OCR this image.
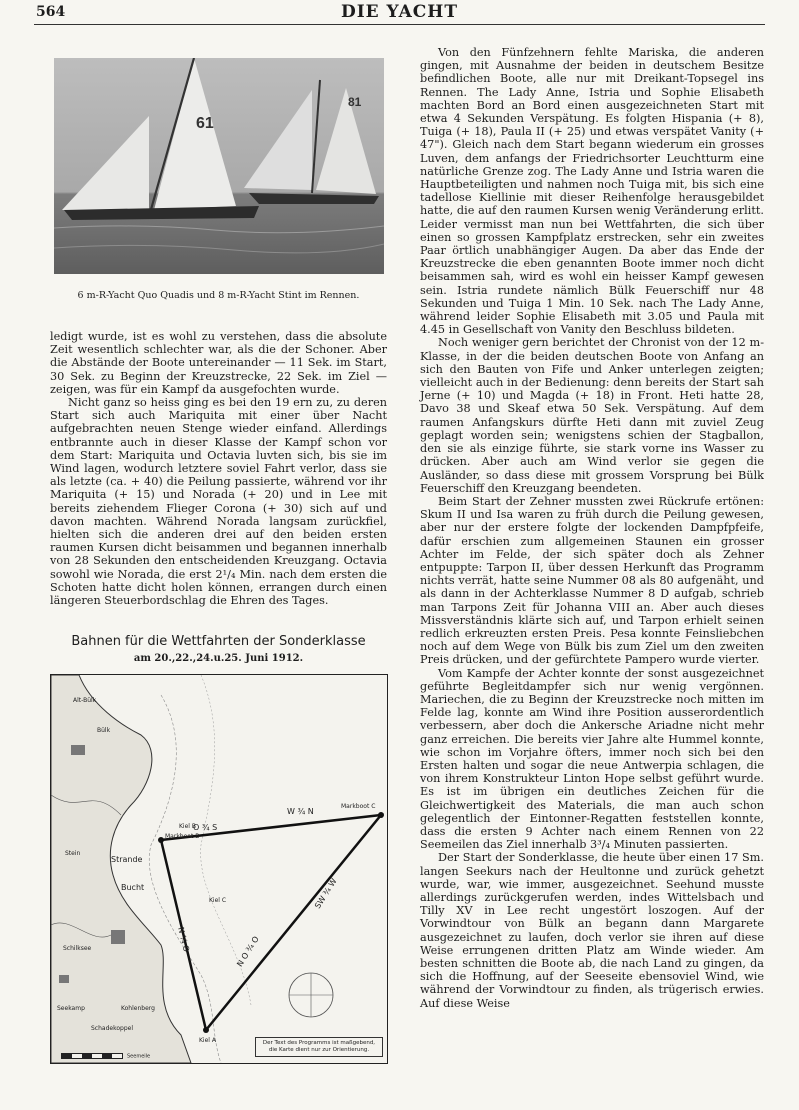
564	DIE YACHT
61
81
6 m-R-Yacht Quo Quadis und 8 m-R-Yacht Stint im Rennen.

ledigt wurde, ist es wohl zu verstehen, dass die absolute Zeit wesentlich schlechter war, als die der Schoner. Aber die Abstände der Boote untereinander — 11 Sek. im Start, 30 Sek. zu Beginn der Kreuzstrecke, 22 Sek. im Ziel — zeigen, was für ein Kampf da ausgefochten wurde.

Nicht ganz so heiss ging es bei den 19 ern zu, zu deren Start sich auch Mariquita mit einer über Nacht aufgebrachten neuen Stenge wieder einfand. Allerdings entbrannte auch in dieser Klasse der Kampf schon vor dem Start: Mariquita und Octavia luvten sich, bis sie im Wind lagen, wodurch letztere soviel Fahrt verlor, dass sie als letzte (ca. + 40) die Peilung passierte, während vor ihr Mariquita (+ 15) und Norada (+ 20) und in Lee mit bereits ziehendem Flieger Corona (+ 30) sich auf und davon machten. Während Norada langsam zurückfiel, hielten sich die anderen drei auf den beiden ersten raumen Kursen dicht beisammen und begannen innerhalb von 28 Sekunden den entscheidenden Kreuzgang. Octavia sowohl wie Norada, die erst 2¹/₄ Min. nach dem ersten die Schoten hatte dicht holen können, errangen durch einen längeren Steuerbordschlag die Ehren des Tages.

Bahnen für die Wettfahrten der Sonderklasse
am 20.,22.,24.u.25. Juni 1912.
Alt-Bülk
Bülk
Strande
Bucht
Stein
Schilksee
Seekamp	Kohlenberg
Schadekoppel
Markboot B
Markboot C
Kiel C
Kiel B
Kiel A
W ¾ N
SW ¾ W
N O ¾ O
N ¼ O
O ¾ S
Seemeile
Der Text des Programms ist maßgebend, die Karte dient nur zur Orientierung.

Von den Fünfzehnern fehlte Mariska, die anderen gingen, mit Ausnahme der beiden in deutschem Besitze befindlichen Boote, alle nur mit Dreikant-Topsegel ins Rennen. The Lady Anne, Istria und Sophie Elisabeth machten Bord an Bord einen ausgezeichneten Start mit etwa 4 Sekunden Verspätung. Es folgten Hispania (+ 8), Tuiga (+ 18), Paula II (+ 25) und etwas verspätet Vanity (+ 47"). Gleich nach dem Start begann wiederum ein grosses Luven, dem anfangs der Friedrichsorter Leuchtturm eine natürliche Grenze zog. The Lady Anne und Istria waren die Hauptbeteiligten und nahmen noch Tuiga mit, bis sich eine tadellose Kiellinie mit dieser Reihenfolge herausgebildet hatte, die auf den raumen Kursen wenig Veränderung erlitt. Leider vermisst man nun bei Wettfahrten, die sich über einen so grossen Kampfplatz erstrecken, sehr ein zweites Paar örtlich unabhängiger Augen. Da aber das Ende der Kreuzstrecke die eben genannten Boote immer noch dicht beisammen sah, wird es wohl ein heisser Kampf gewesen sein. Istria rundete nämlich Bülk Feuerschiff nur 48 Sekunden und Tuiga 1 Min. 10 Sek. nach The Lady Anne, während leider Sophie Elisabeth mit 3.05 und Paula mit 4.45 in Gesellschaft von Vanity den Beschluss bildeten.

Noch weniger gern berichtet der Chronist von der 12 m-Klasse, in der die beiden deutschen Boote von Anfang an sich den Bauten von Fife und Anker unterlegen zeigten; vielleicht auch in der Bedienung: denn bereits der Start sah Jerne (+ 10) und Magda (+ 18) in Front. Heti hatte 28, Davo 38 und Skeaf etwa 50 Sek. Verspätung. Auf dem raumen Anfangskurs dürfte Heti dann mit zuviel Zeug geplagt worden sein; wenigstens schien der Stagballon, den sie als einzige führte, sie stark vorne ins Wasser zu drücken. Aber auch am Wind verlor sie gegen die Ausländer, so dass diese mit grossem Vorsprung bei Bülk Feuerschiff den Kreuzgang beendeten.

Beim Start der Zehner mussten zwei Rückrufe ertönen: Skum II und Isa waren zu früh durch die Peilung gewesen, aber nur der erstere folgte der lockenden Dampfpfeife, dafür erschien zum allgemeinen Staunen ein grosser Achter im Felde, der sich später doch als Zehner entpuppte: Tarpon II, über dessen Herkunft das Programm nichts verrät, hatte seine Nummer 08 als 80 aufgenäht, und als dann in der Achterklasse Nummer 8 D aufgab, schrieb man Tarpons Zeit für Johanna VIII an. Aber auch dieses Missverständnis klärte sich auf, und Tarpon erhielt seinen redlich erkreuzten ersten Preis. Pesa konnte Feinsliebchen noch auf dem Wege von Bülk bis zum Ziel um den zweiten Preis drücken, und der gefürchtete Pampero wurde vierter.

Vom Kampfe der Achter konnte der sonst ausgezeichnet geführte Begleitdampfer sich nur wenig vergönnen. Mariechen, die zu Beginn der Kreuzstrecke noch mitten im Felde lag, konnte am Wind ihre Position ausserordentlich verbessern, aber doch die Ankersche Ariadne nicht mehr ganz erreichen. Die bereits vier Jahre alte Hummel konnte, wie schon im Vorjahre öfters, immer noch sich bei den Ersten halten und sogar die neue Antwerpia schlagen, die von ihrem Konstrukteur Linton Hope selbst geführt wurde. Es ist im übrigen ein deutliches Zeichen für die Gleichwertigkeit des Materials, die man auch schon gelegentlich der Eintonner-Regatten feststellen konnte, dass die ersten 9 Achter nach einem Rennen von 22 Seemeilen das Ziel innerhalb 3³/₄ Minuten passierten.

Der Start der Sonderklasse, die heute über einen 17 Sm. langen Seekurs nach der Heultonne und zurück gehetzt wurde, war, wie immer, ausgezeichnet. Seehund musste allerdings zurückgerufen werden, indes Wittelsbach und Tilly XV in Lee recht ungestört loszogen. Auf der Vorwindtour von Bülk an begann dann Margarete ausgezeichnet zu laufen, doch verlor sie ihren auf diese Weise errungenen dritten Platz am Winde wieder. Am besten schnitten die Boote ab, die nach Land zu gingen, da sich die Hoffnung, auf der Seeseite ebensoviel Wind, wie während der Vorwindtour zu finden, als trügerisch erwies. Auf diese Weise
